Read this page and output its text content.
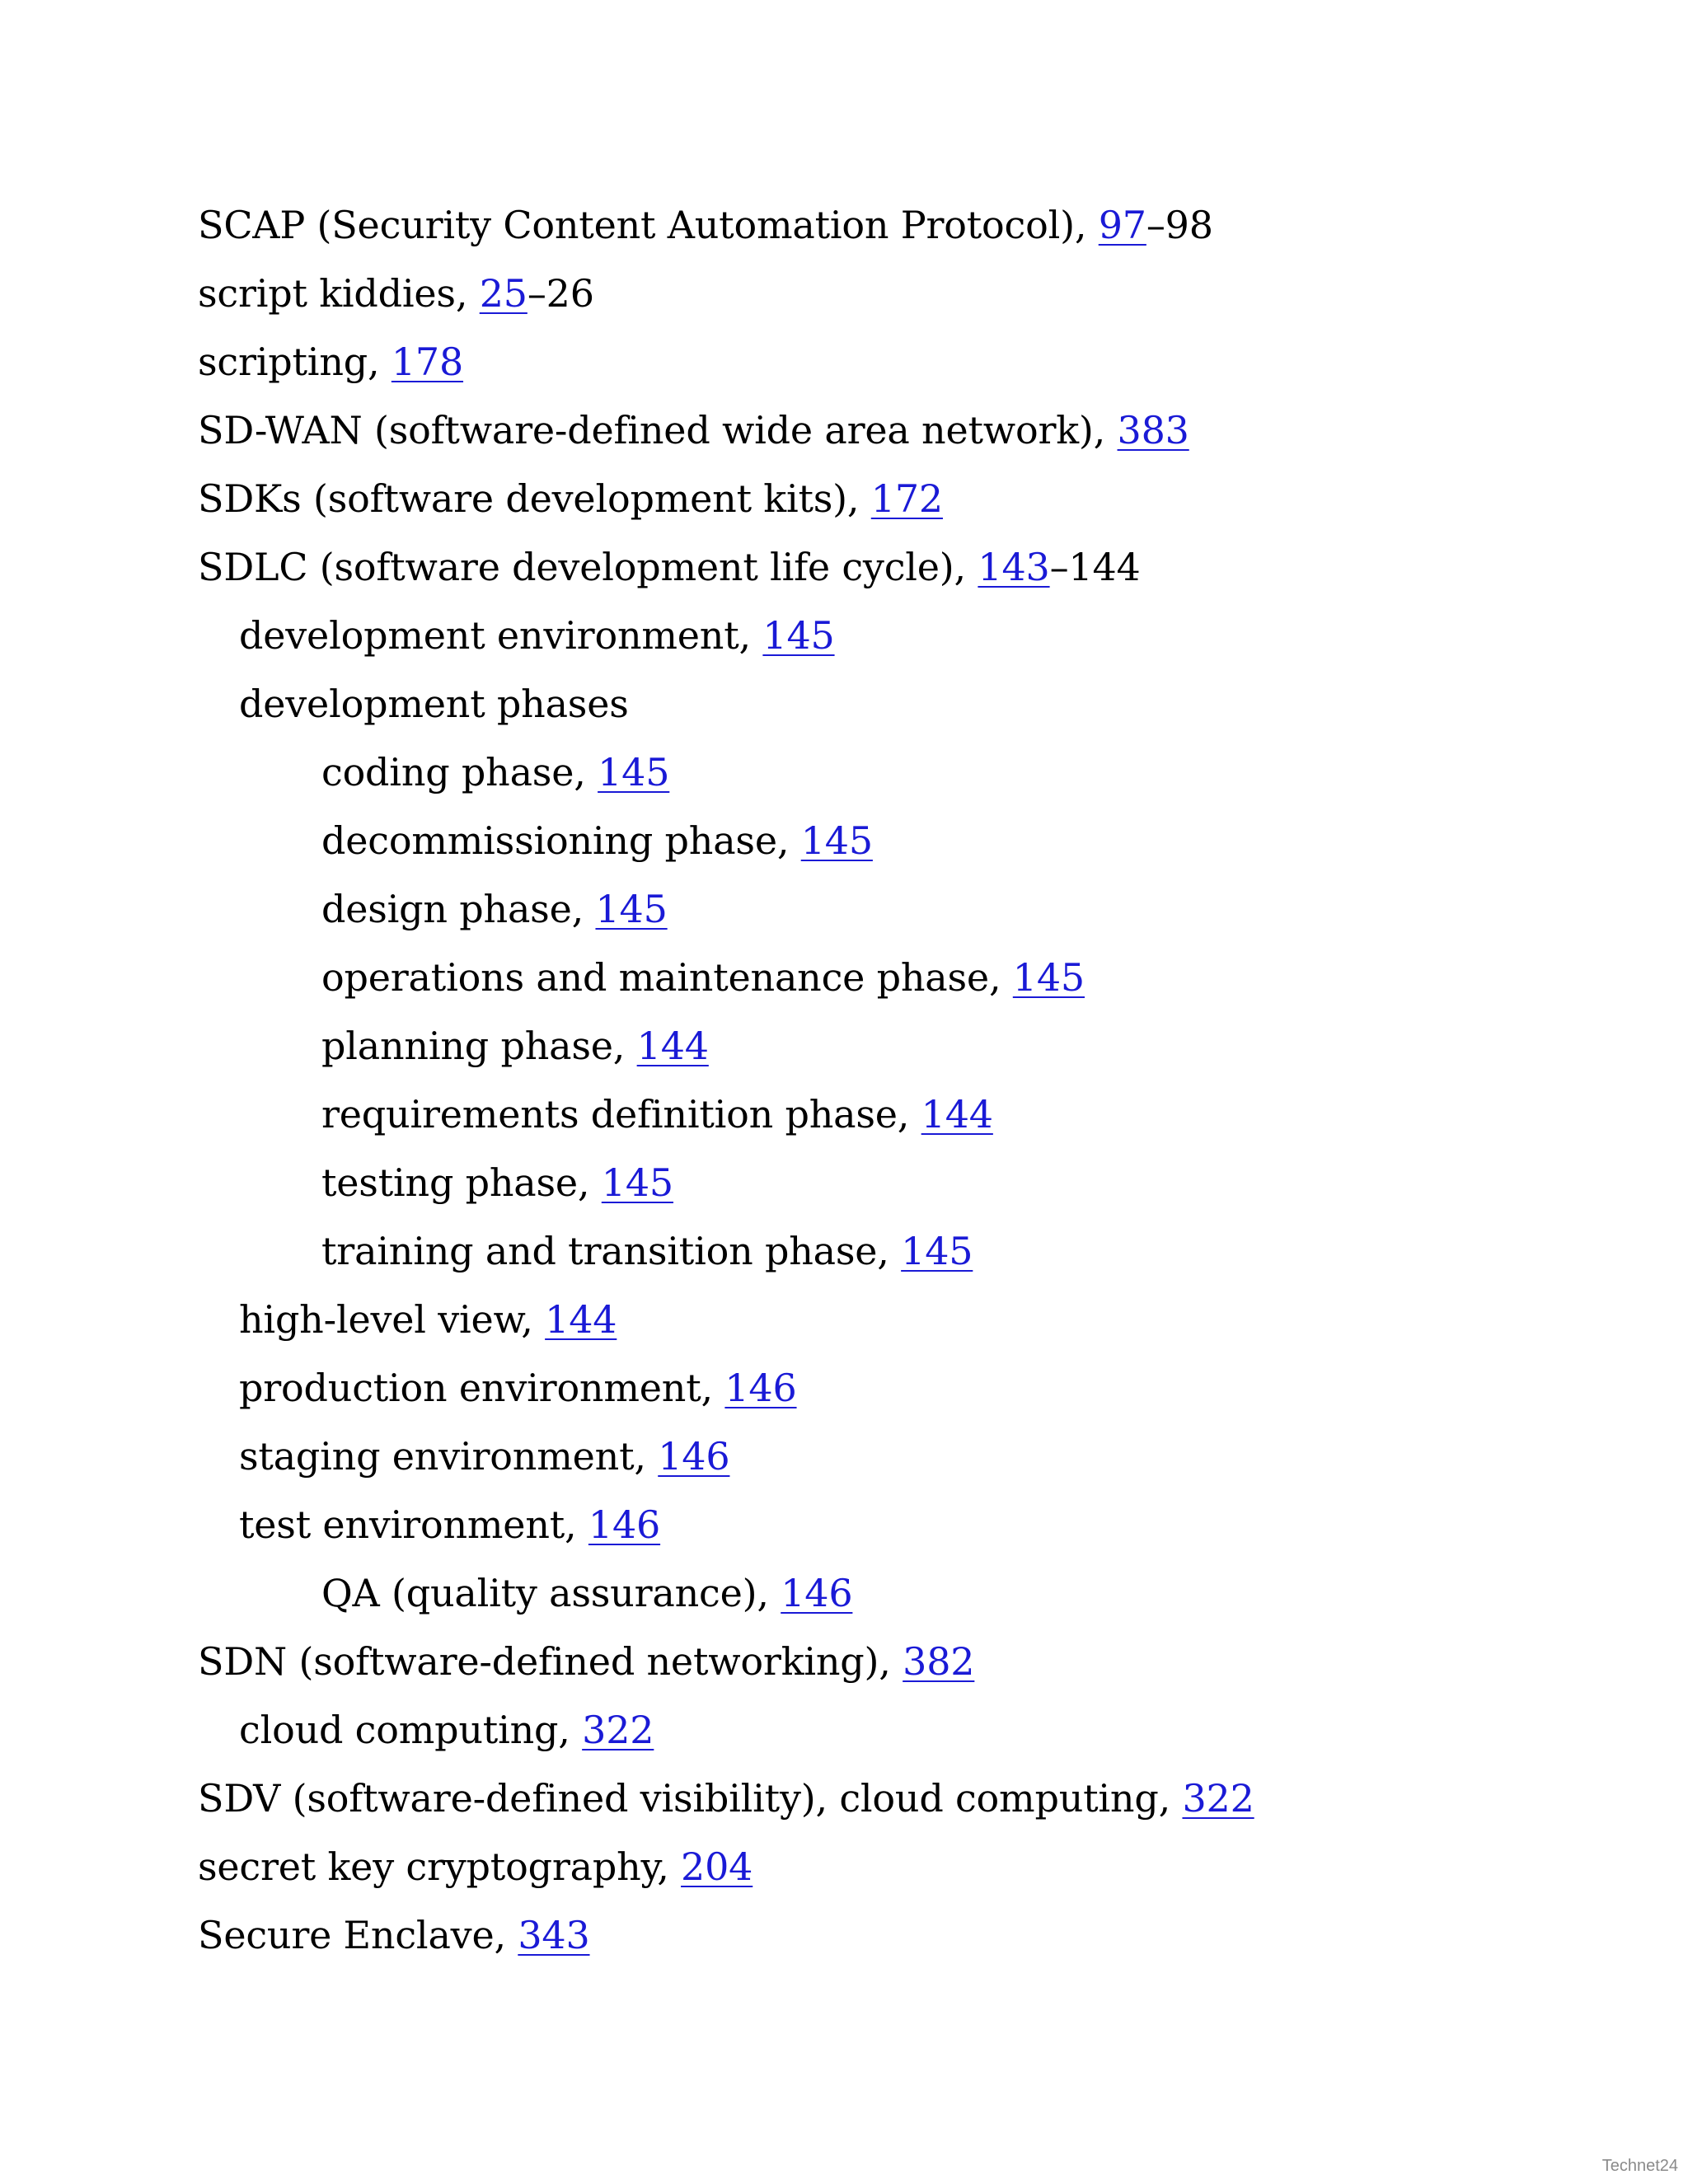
SCAP (Security Content Automation Protocol), 97–98
script kiddies, 25–26
scripting, 178
SD-WAN (software-defined wide area network), 383
SDKs (software development kits), 172
SDLC (software development life cycle), 143–144
development environment, 145
development phases
coding phase, 145
decommissioning phase, 145
design phase, 145
operations and maintenance phase, 145
planning phase, 144
requirements definition phase, 144
testing phase, 145
training and transition phase, 145
high-level view, 144
production environment, 146
staging environment, 146
test environment, 146
QA (quality assurance), 146
SDN (software-defined networking), 382
cloud computing, 322
SDV (software-defined visibility), cloud computing, 322
secret key cryptography, 204
Secure Enclave, 343
Technet24
